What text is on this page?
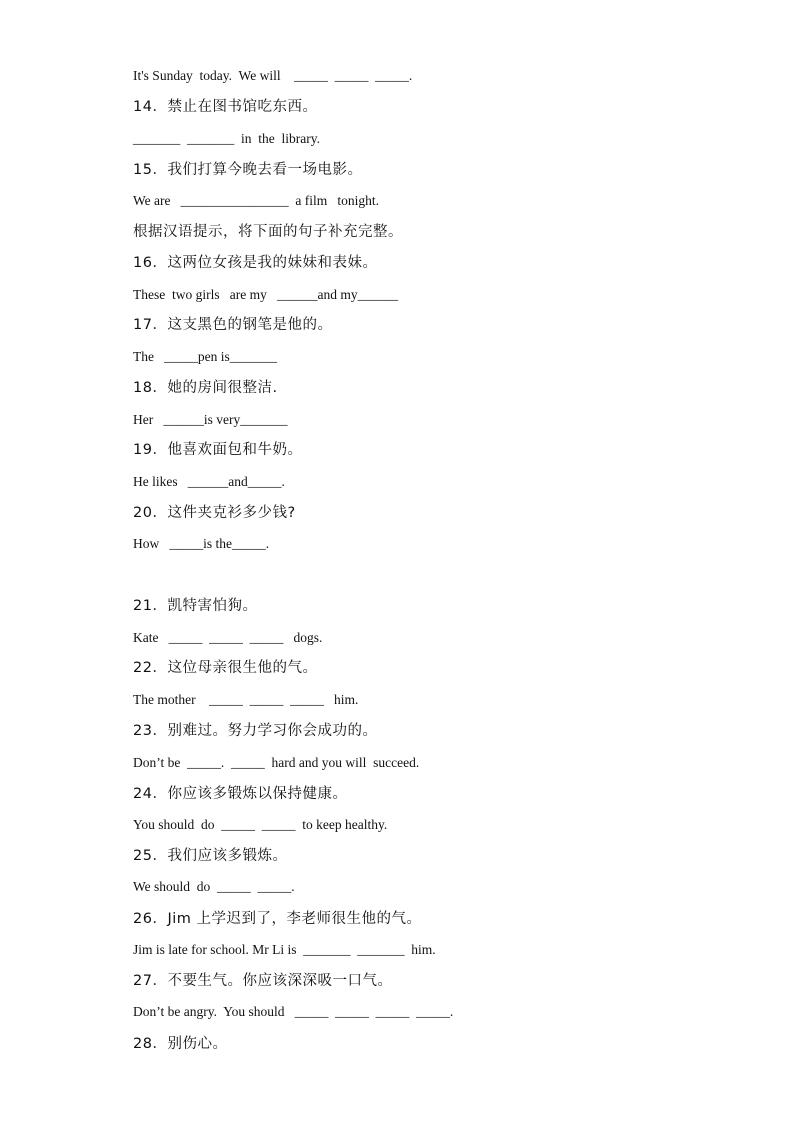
It's Sunday  today.  We will    _____  _____  _____.
14．禁止在图书馆吃东西。
_______  _______  in  the  library.
15．我们打算今晚去看一场电影。
We are   ________________  a film   tonight.
根据汉语提示，将下面的句子补充完整。
16．这两位女孩是我的妹妹和表妹。
These  two girls   are my   ______and my______
17．这支黑色的钢笔是他的。
The   _____pen is_______
18．她的房间很整洁.
Her   ______is very_______
19．他喜欢面包和牛奶。
He likes   ______and_____.
20．这件夹克衫多少钱?
How   _____is the_____.
21．凯特害怕狗。
Kate   _____  _____  _____   dogs.
22．这位母亲很生他的气。
The mother    _____  _____  _____   him.
23．别难过。努力学习你会成功的。
Don’t be  _____.  _____  hard and you will  succeed.
24．你应该多锻炼以保持健康。
You should  do  _____  _____  to keep healthy.
25．我们应该多锻炼。
We should  do  _____  _____.
26．Jim 上学迟到了，李老师很生他的气。
Jim is late for school. Mr Li is  _______  _______  him.
27．不要生气。你应该深深吸一口气。
Don’t be angry.  You should   _____  _____  _____  _____.
28．别伤心。
